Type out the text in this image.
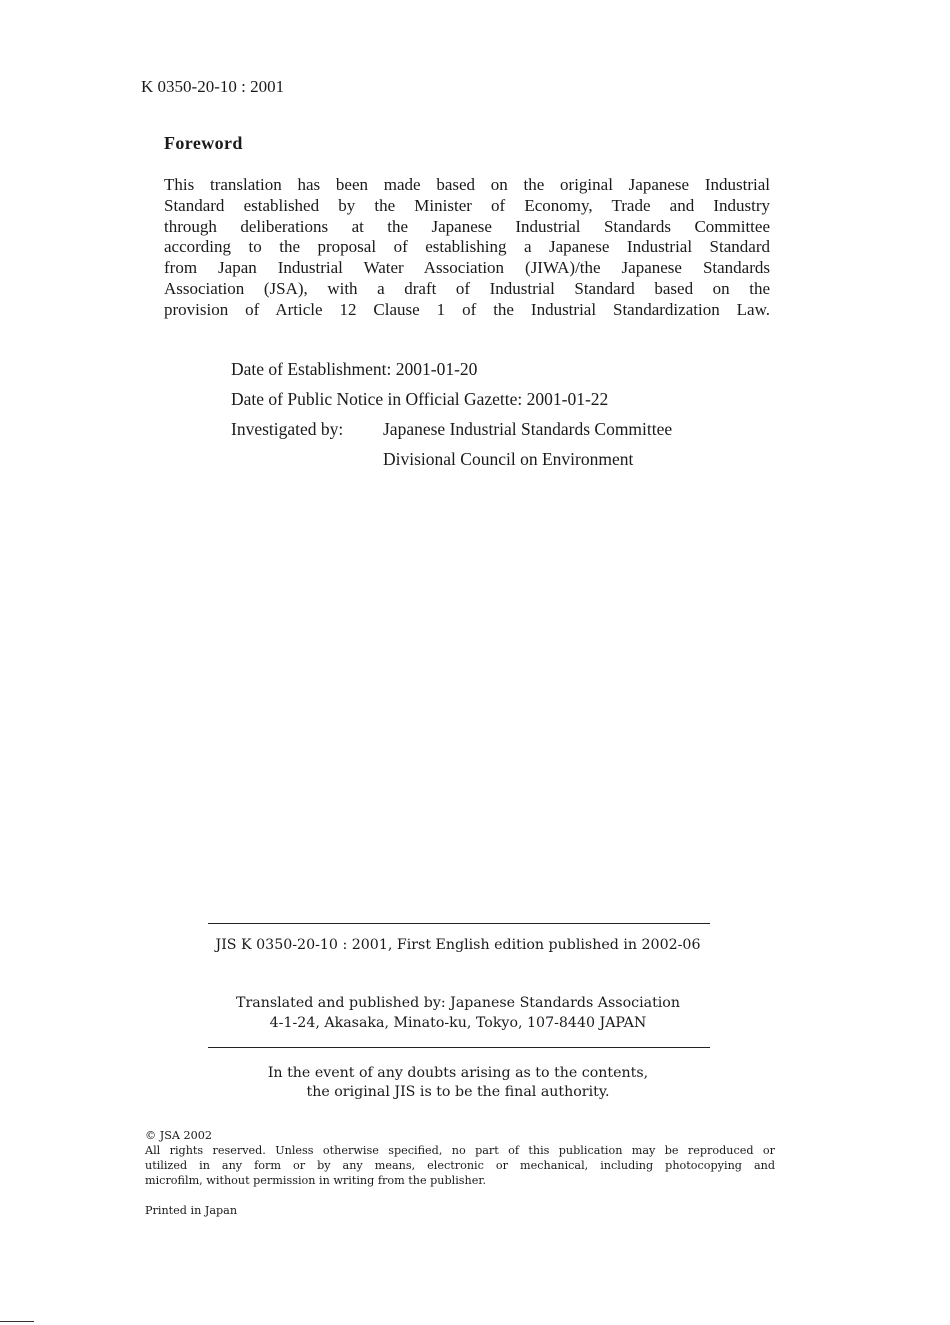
K 0350-20-10 : 2001
Foreword
This translation has been made based on the original Japanese Industrial
Standard established by the Minister of Economy, Trade and Industry
through deliberations at the Japanese Industrial Standards Committee
according to the proposal of establishing a Japanese Industrial Standard
from Japan Industrial Water Association (JIWA)/the Japanese Standards
Association (JSA), with a draft of Industrial Standard based on the
provision of Article 12 Clause 1 of the Industrial Standardization Law.
Date of Establishment: 2001-01-20
Date of Public Notice in Official Gazette: 2001-01-22
Investigated by: Japanese Industrial Standards Committee
Divisional Council on Environment
JIS K 0350-20-10 : 2001, First English edition published in 2002-06
Translated and published by: Japanese Standards Association
4-1-24, Akasaka, Minato-ku, Tokyo, 107-8440 JAPAN
In the event of any doubts arising as to the contents,
the original JIS is to be the final authority.
© JSA 2002
All rights reserved. Unless otherwise specified, no part of this publication may be reproduced or
utilized in any form or by any means, electronic or mechanical, including photocopying and
microfilm, without permission in writing from the publisher.
Printed in Japan
